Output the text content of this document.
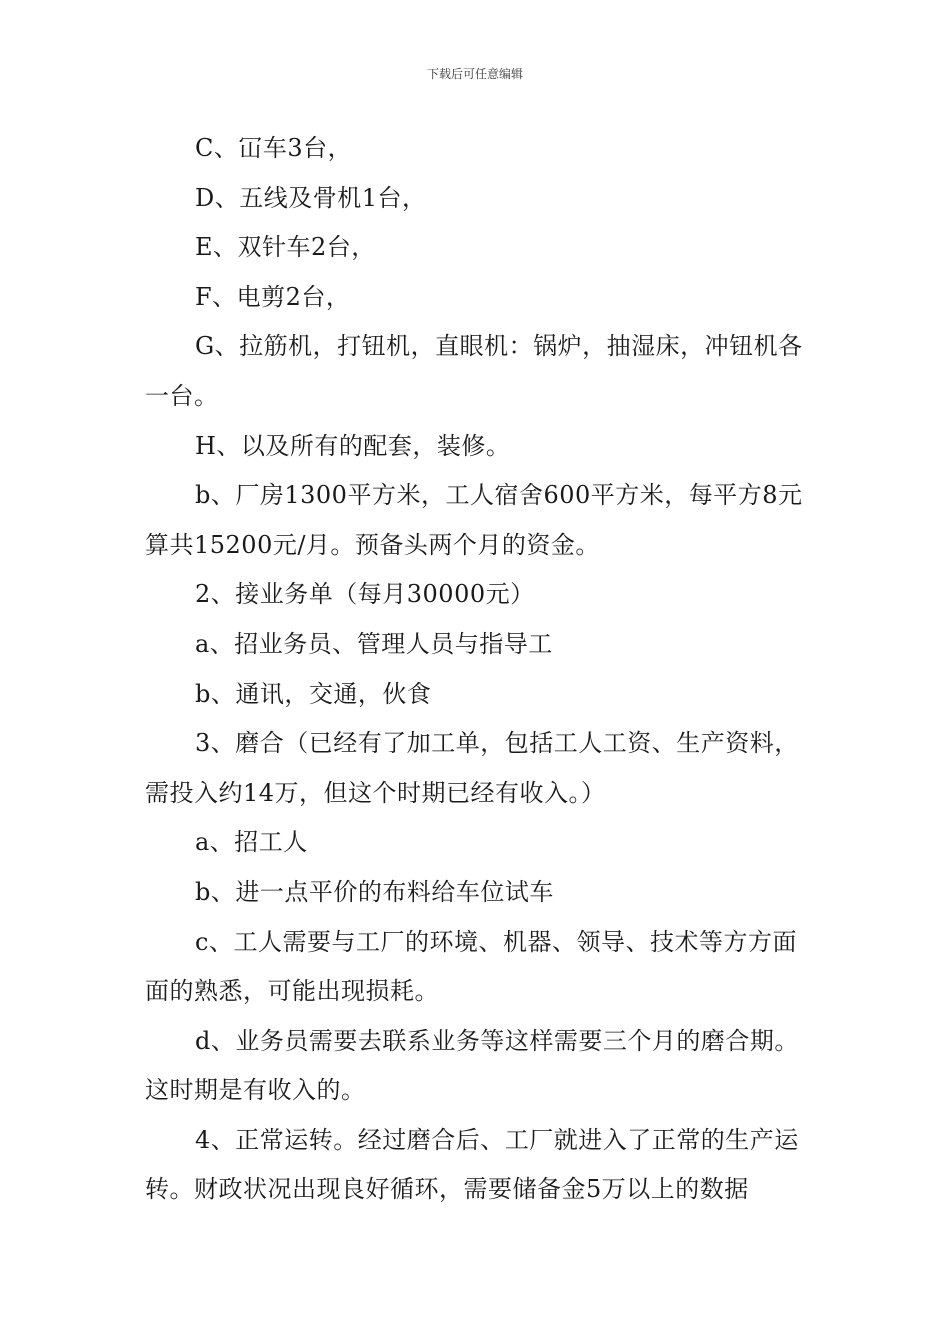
下载后可任意编辑

C、冚车3台，

D、五线及骨机1台，

E、双针车2台，

F、电剪2台，

G、拉筋机，打钮机，直眼机：锅炉，抽湿床，冲钮机各一台。

H、以及所有的配套，装修。

b、厂房1300平方米，工人宿舍600平方米，每平方8元算共15200元/月。预备头两个月的资金。

2、接业务单（每月30000元）

a、招业务员、管理人员与指导工

b、通讯，交通，伙食

3、磨合（已经有了加工单，包括工人工资、生产资料，需投入约14万，但这个时期已经有收入。）

a、招工人

b、进一点平价的布料给车位试车

c、工人需要与工厂的环境、机器、领导、技术等方方面面的熟悉，可能出现损耗。

d、业务员需要去联系业务等这样需要三个月的磨合期。这时期是有收入的。

4、正常运转。经过磨合后、工厂就进入了正常的生产运转。财政状况出现良好循环，需要储备金5万以上的数据
